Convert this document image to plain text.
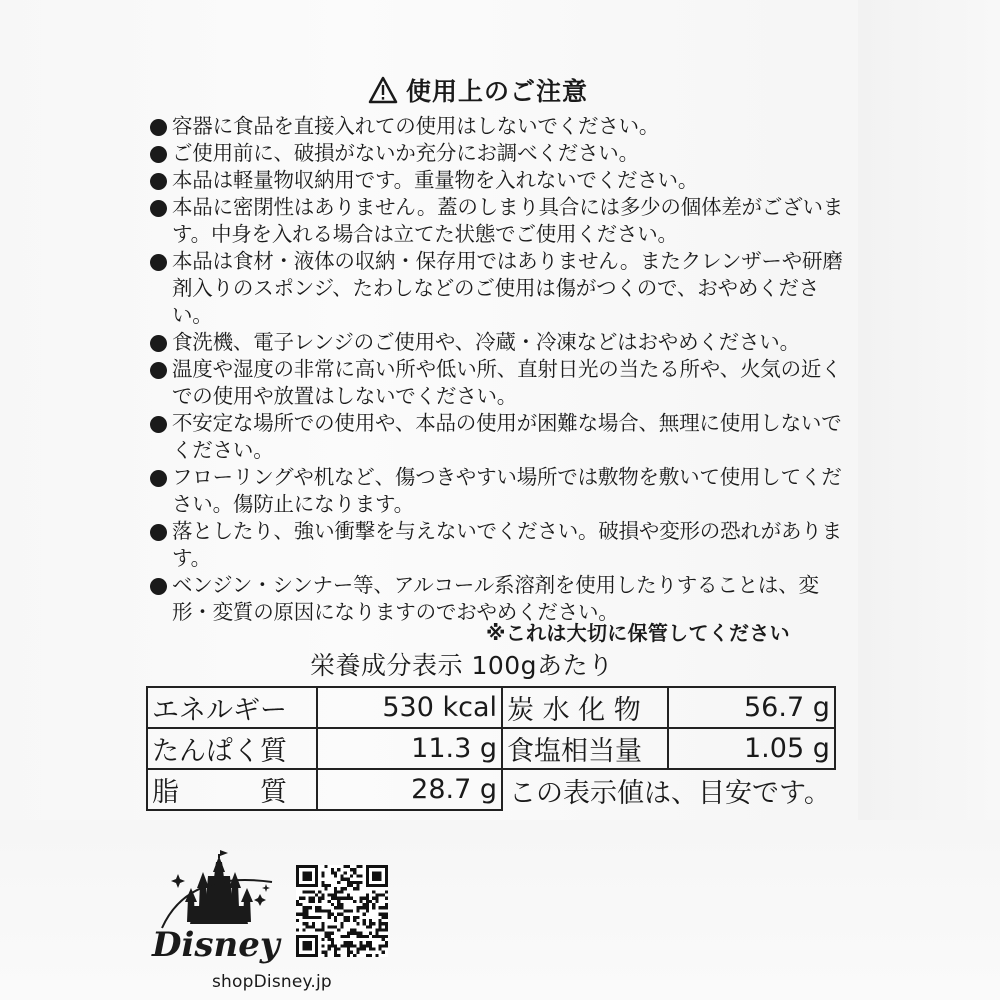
使用上のご注意
容器に食品を直接入れての使用はしないでください。
ご使用前に、破損がないか充分にお調べください。
本品は軽量物収納用です。重量物を入れないでください。
本品に密閉性はありません。蓋のしまり具合には多少の個体差がございます。中身を入れる場合は立てた状態でご使用ください。
本品は食材・液体の収納・保存用ではありません。またクレンザーや研磨剤入りのスポンジ、たわしなどのご使用は傷がつくので、おやめください。
食洗機、電子レンジのご使用や、冷蔵・冷凍などはおやめください。
温度や湿度の非常に高い所や低い所、直射日光の当たる所や、火気の近くでの使用や放置はしないでください。
不安定な場所での使用や、本品の使用が困難な場合、無理に使用しないでください。
フローリングや机など、傷つきやすい場所では敷物を敷いて使用してください。傷防止になります。
落としたり、強い衝撃を与えないでください。破損や変形の恐れがあります。
ベンジン・シンナー等、アルコール系溶剤を使用したりすることは、変形・変質の原因になりますのでおやめください。
※これは大切に保管してください
栄養成分表示 100gあたり
エネルギー	530 kcal	炭 水 化 物	56.7 g
たんぱく質	11.3 g	食塩相当量	1.05 g
脂　　　質	28.7 g	この表示値は、目安です。	
Disney
shopDisney.jp
